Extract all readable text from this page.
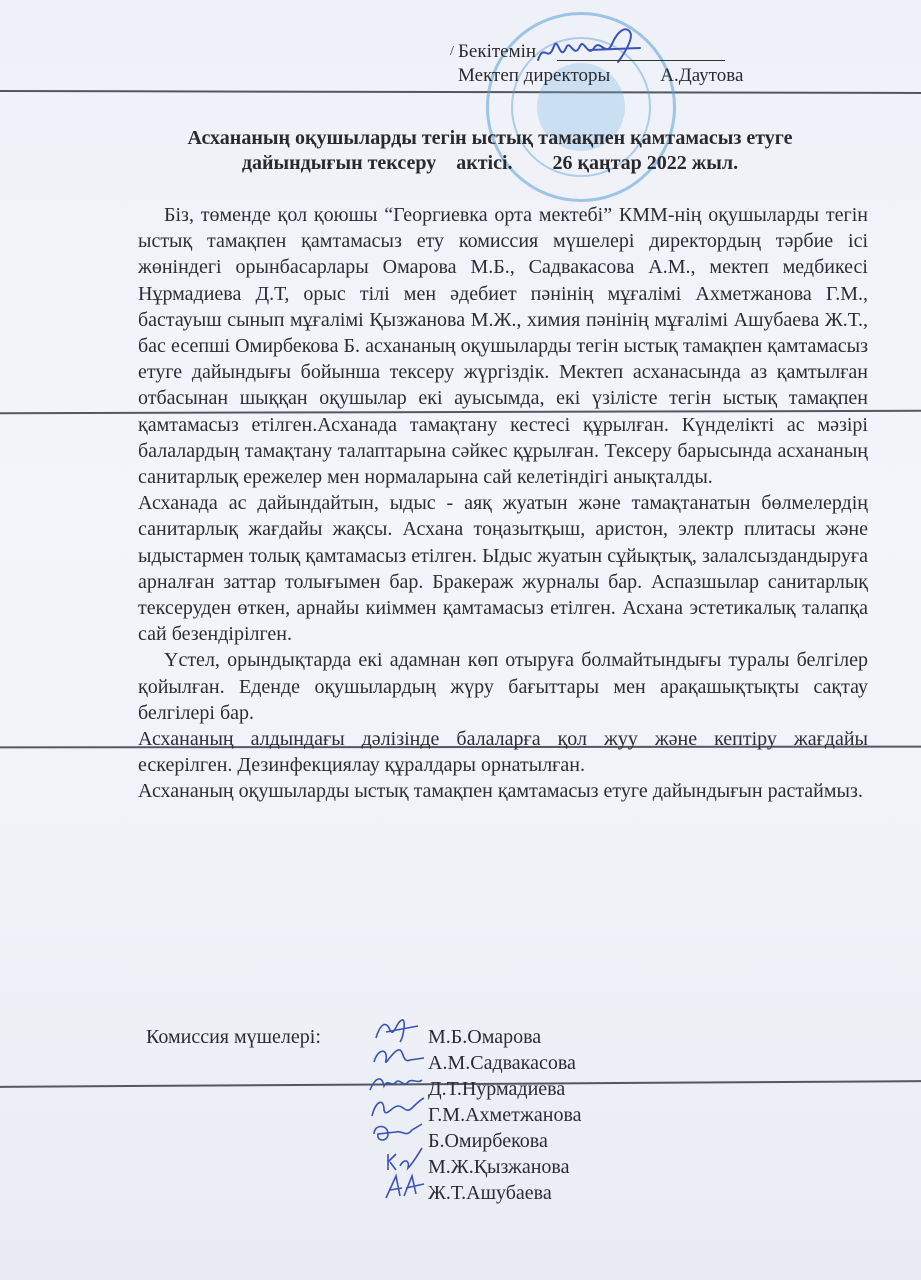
/ Бекітемін
Мектеп директоры	А.Даутова
Асхананың оқушыларды тегін ыстық тамақпен қамтамасыз етуге
дайындығын тексеру    актісі. 26 қаңтар 2022 жыл.

Біз, төменде қол қоюшы “Георгиевка орта мектебі” КММ-нің оқушыларды тегін ыстық тамақпен қамтамасыз ету комиссия мүшелері директордың тәрбие ісі жөніндегі орынбасарлары Омарова М.Б., Садвакасова А.М., мектеп медбикесі Нұрмадиева Д.Т, орыс тілі мен әдебиет пәнінің мұғалімі Ахметжанова Г.М., бастауыш сынып мұғалімі Қызжанова М.Ж., химия пәнінің мұғалімі Ашубаева Ж.Т., бас есепші Омирбекова Б. асхананың оқушыларды тегін ыстық тамақпен қамтамасыз етуге дайындығы бойынша тексеру жүргіздік. Мектеп асханасында аз қамтылған отбасынан шыққан оқушылар екі ауысымда, екі үзілісте тегін ыстық тамақпен қамтамасыз етілген.Асханада тамақтану кестесі құрылған. Күнделікті ас мәзірі балалардың тамақтану талаптарына сәйкес құрылған. Тексеру барысында асхананың санитарлық ережелер мен нормаларына сай келетіндігі анықталды.

Асханада ас дайындайтын, ыдыс - аяқ жуатын және тамақтанатын бөлмелердің санитарлық жағдайы жақсы. Асхана тоңазытқыш, аристон, электр плитасы және ыдыстармен толық қамтамасыз етілген. Ыдыс жуатын сұйықтық, залалсыздандыруға арналған заттар толығымен бар. Бракераж журналы бар. Аспазшылар санитарлық тексеруден өткен, арнайы киіммен қамтамасыз етілген. Асхана эстетикалық талапқа сай безендірілген.

Үстел, орындықтарда екі адамнан көп отыруға болмайтындығы туралы белгілер қойылған. Еденде оқушылардың жүру бағыттары мен арақашықтықты сақтау белгілері бар.

Асхананың алдындағы дәлізінде балаларға қол жуу және кептіру жағдайы ескерілген. Дезинфекциялау құралдары орнатылған.

Асхананың оқушыларды ыстық тамақпен қамтамасыз етуге дайындығын растаймыз.

Комиссия мүшелері:	М.Б.Омарова
А.М.Садвакасова
Д.Т.Нурмадиева
Г.М.Ахметжанова
Б.Омирбекова
М.Ж.Қызжанова
Ж.Т.Ашубаева
